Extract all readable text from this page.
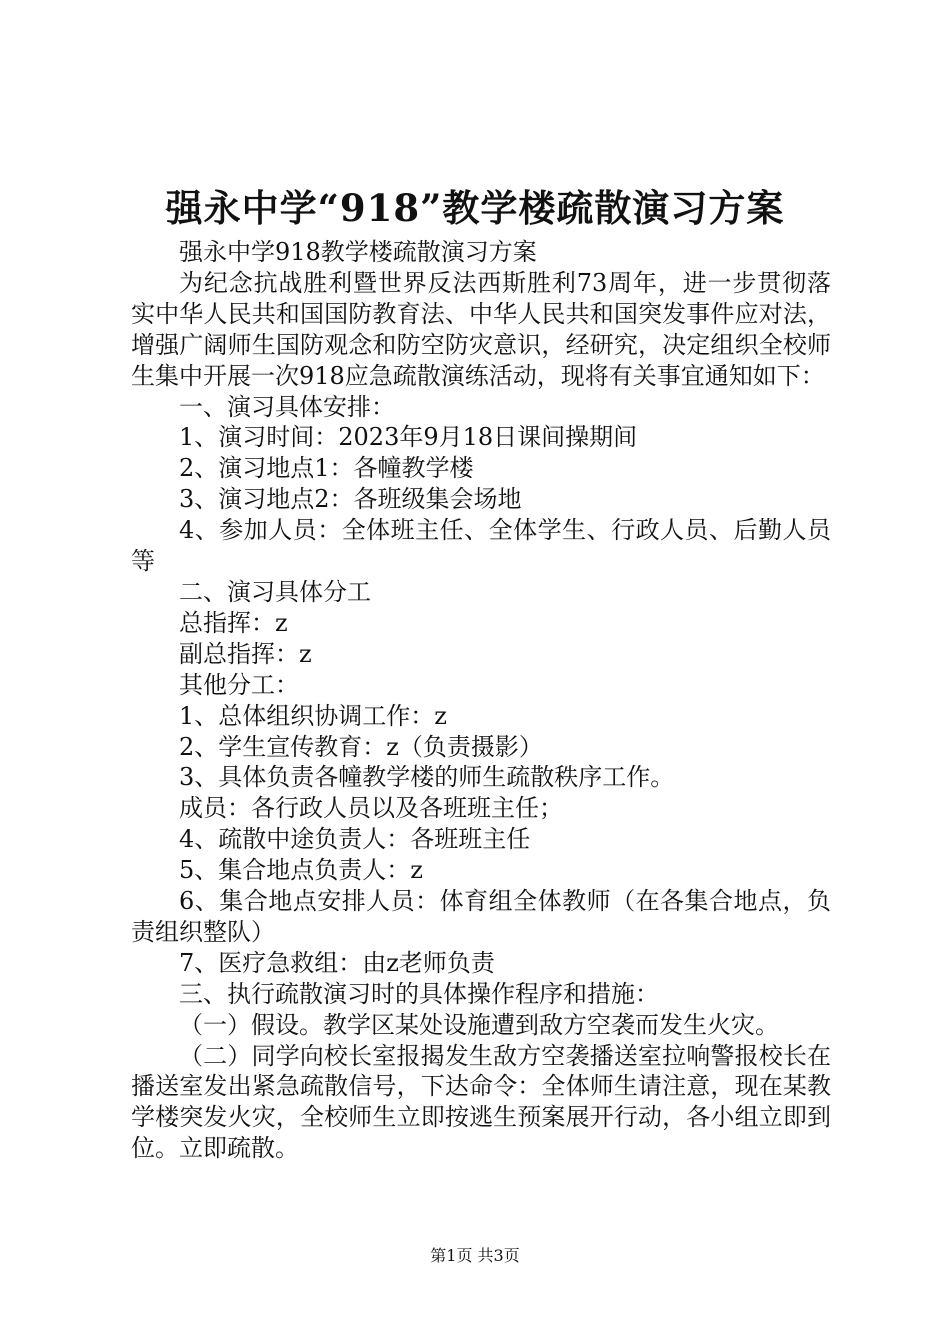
强永中学“918”教学楼疏散演习方案

强永中学918教学楼疏散演习方案

为纪念抗战胜利暨世界反法西斯胜利73周年，进一步贯彻落实中华人民共和国国防教育法、中华人民共和国突发事件应对法，增强广阔师生国防观念和防空防灾意识，经研究，决定组织全校师生集中开展一次918应急疏散演练活动，现将有关事宜通知如下：

一、演习具体安排：

1、演习时间：2023年9月18日课间操期间

2、演习地点1：各幢教学楼

3、演习地点2：各班级集会场地

4、参加人员：全体班主任、全体学生、行政人员、后勤人员等

二、演习具体分工

总指挥：z

副总指挥：z

其他分工：

1、总体组织协调工作：z

2、学生宣传教育：z（负责摄影）

3、具体负责各幢教学楼的师生疏散秩序工作。

成员：各行政人员以及各班班主任；

4、疏散中途负责人：各班班主任

5、集合地点负责人：z

6、集合地点安排人员：体育组全体教师（在各集合地点，负责组织整队）

7、医疗急救组：由z老师负责

三、执行疏散演习时的具体操作程序和措施：

（一）假设。教学区某处设施遭到敌方空袭而发生火灾。

（二）同学向校长室报揭发生敌方空袭播送室拉响警报校长在播送室发出紧急疏散信号，下达命令：全体师生请注意，现在某教学楼突发火灾，全校师生立即按逃生预案展开行动，各小组立即到位。立即疏散。

第1页 共3页
